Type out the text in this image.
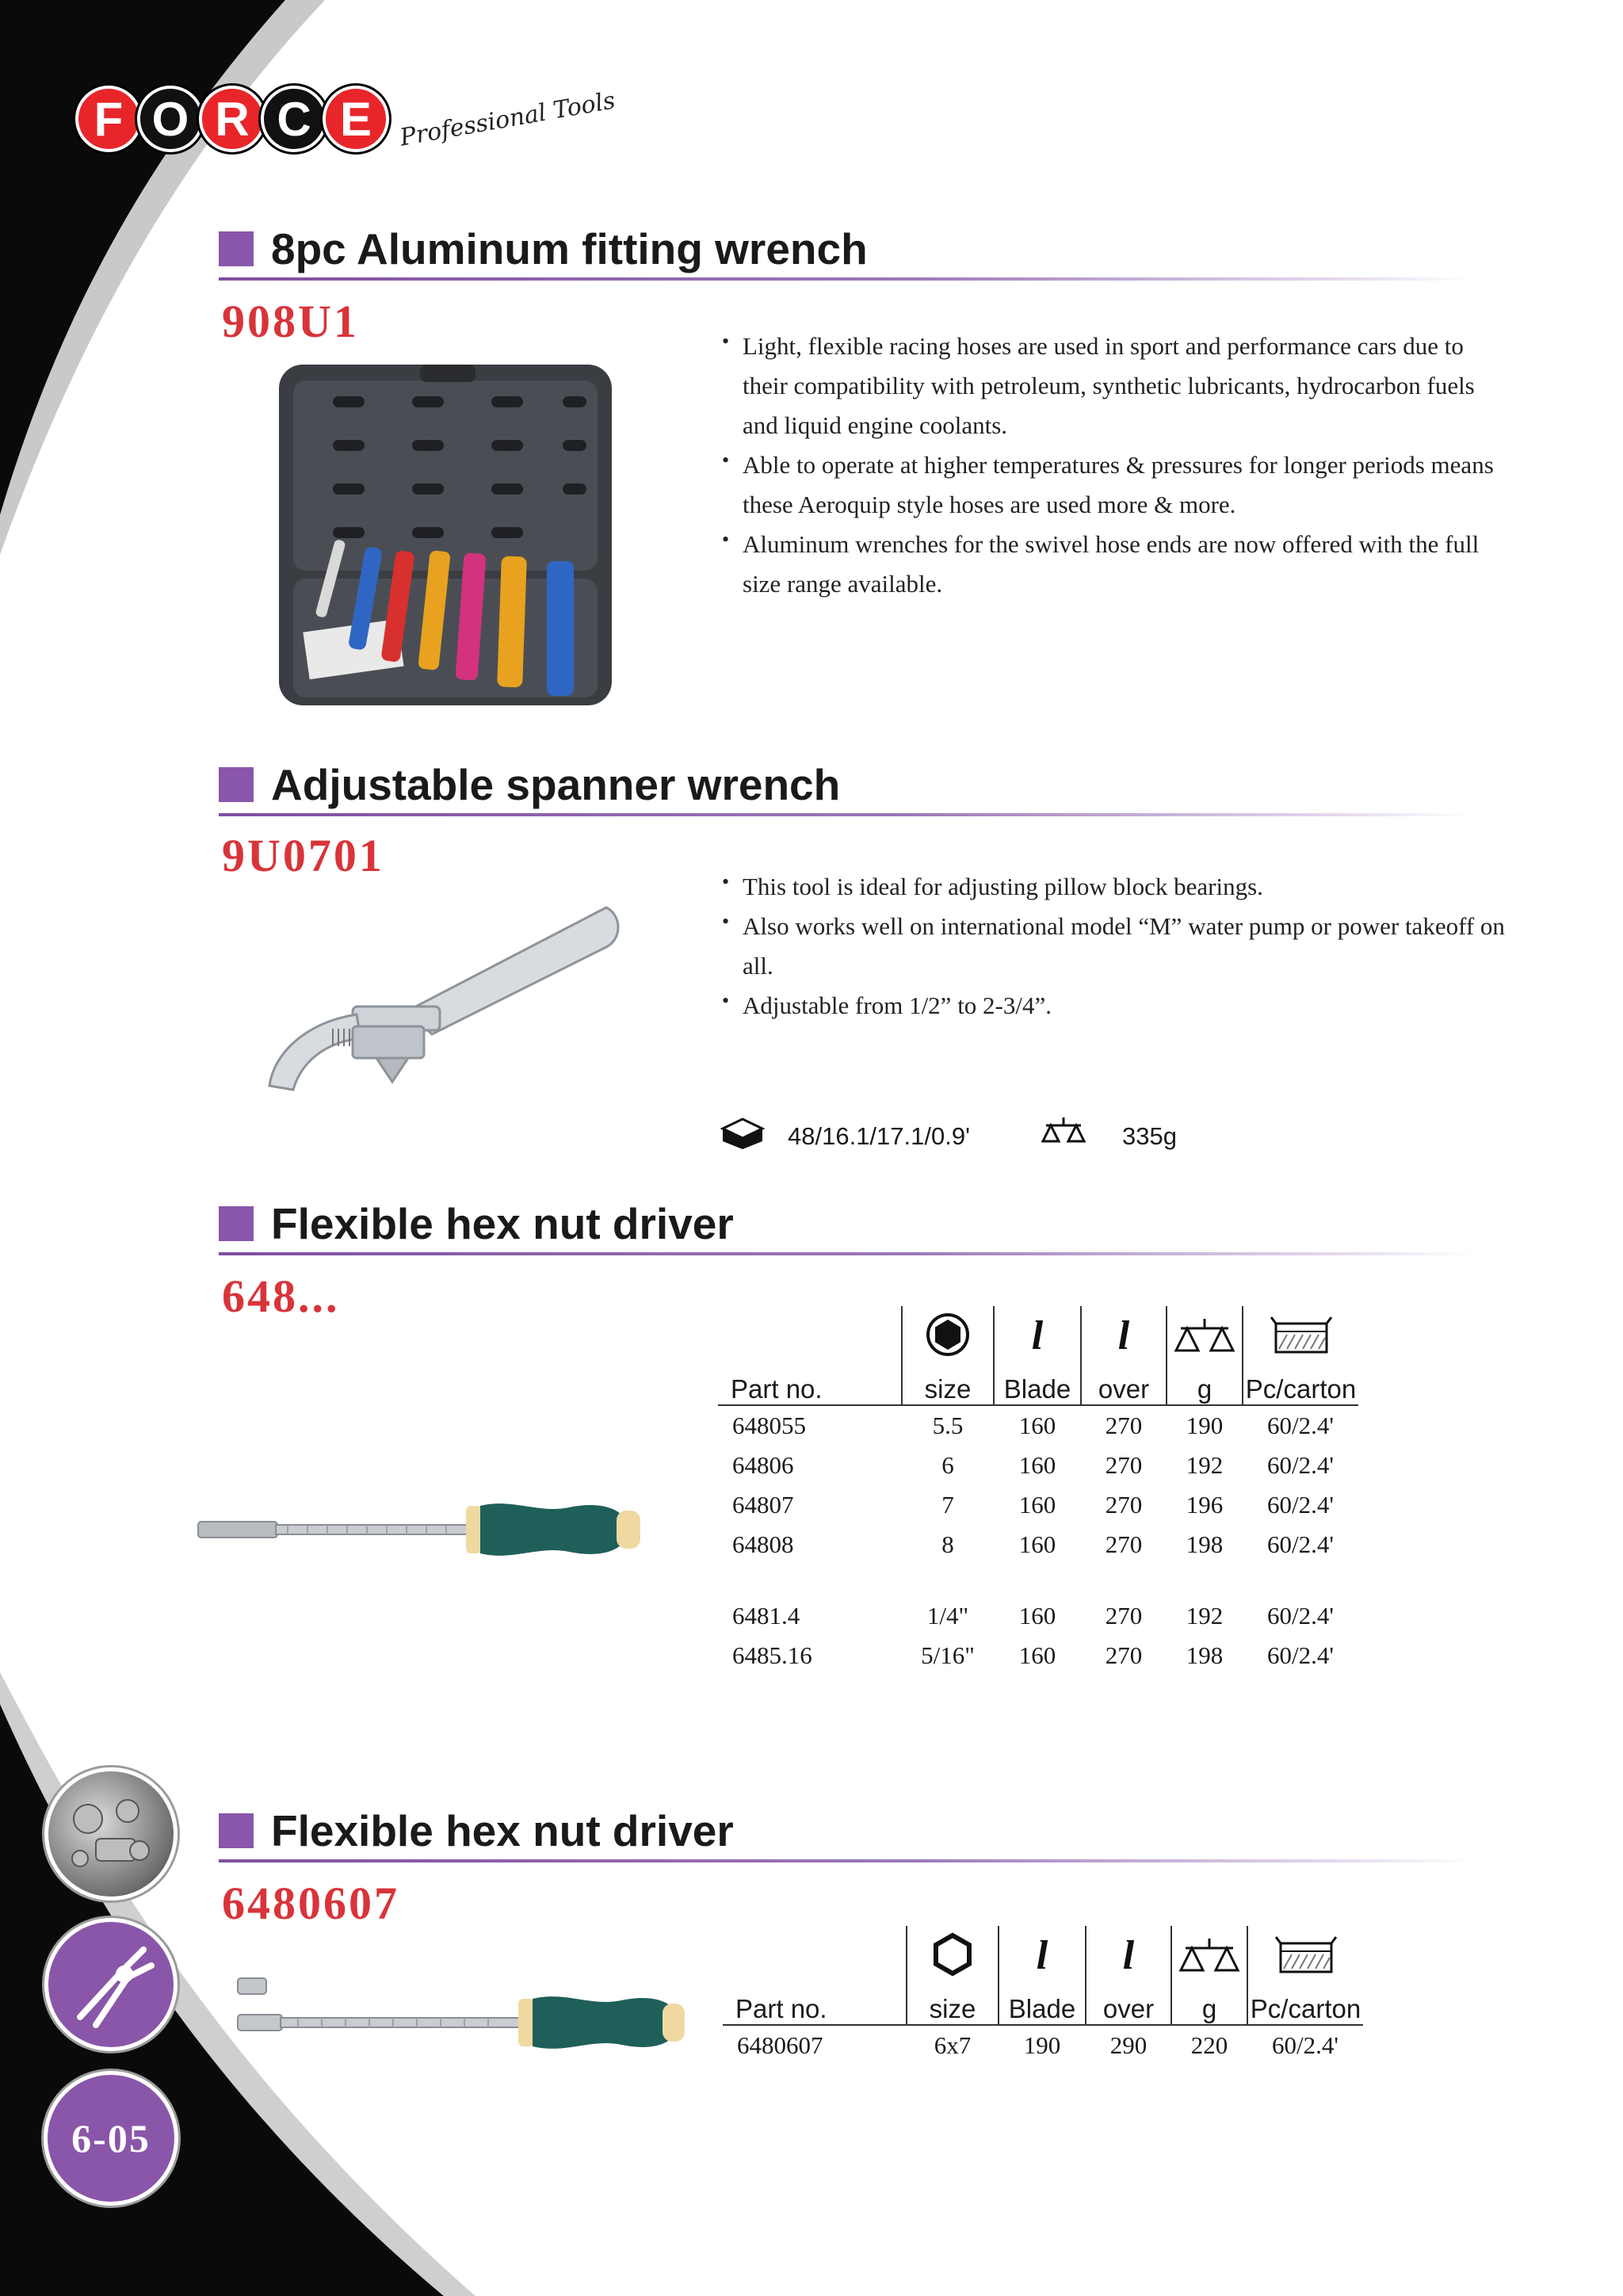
F O R C E	Professional Tools
8pc Aluminum fitting wrench
908U1	• Light, flexible racing hoses are used in sport and performance cars due to their compatibility with petroleum, synthetic lubricants, hydrocarbon fuels and liquid engine coolants.
• Able to operate at higher temperatures & pressures for longer periods means these Aeroquip style hoses are used more & more.
• Aluminum wrenches for the swivel hose ends are now offered with the full size range available.
Adjustable spanner wrench
9U0701
• This tool is ideal for adjusting pillow block bearings.
• Also works well on international model “M” water pump or power takeoff on all.
• Adjustable from 1/2” to 2-3/4”.
48/16.1/17.1/0.9'	335g
Flexible hex nut driver
648...

l	l

Part no.	size	Blade	over	g	Pc/carton
648055	5.5	160	270	190	60/2.4'
64806	6	160	270	192	60/2.4'
64807	7	160	270	196	60/2.4'
64808	8	160	270	198	60/2.4'

6481.4	1/4"	160	270	192	60/2.4'
6485.16	5/16"	160	270	198	60/2.4'
Flexible hex nut driver
6480607

l	l

Part no.	size	Blade	over	g	Pc/carton
6480607	6x7	190	290	220	60/2.4'
6-05
